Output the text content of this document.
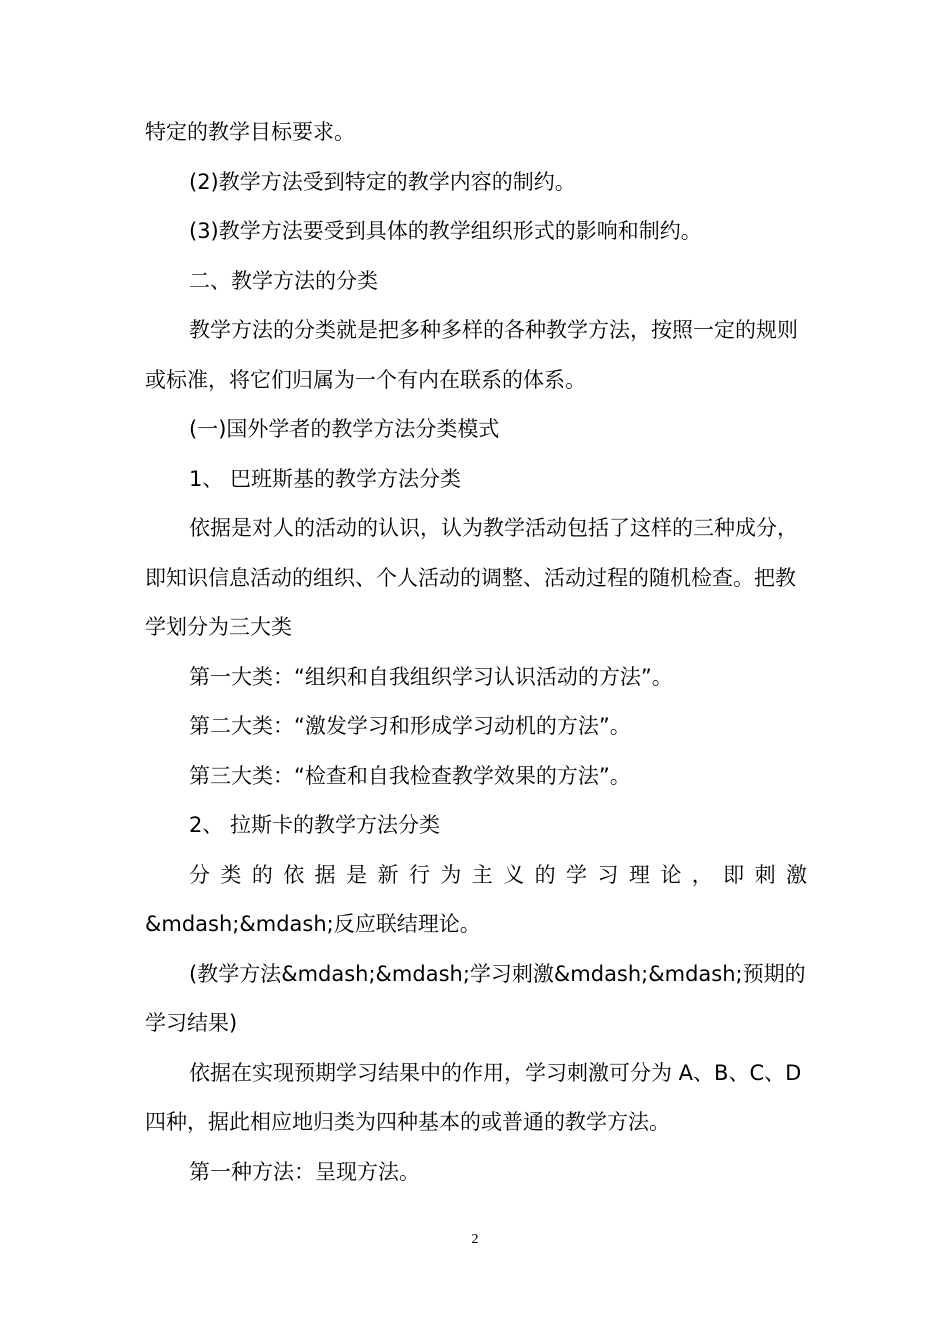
特定的教学目标要求。

(2)教学方法受到特定的教学内容的制约。

(3)教学方法要受到具体的教学组织形式的影响和制约。

二、教学方法的分类

教学方法的分类就是把多种多样的各种教学方法，按照一定的规则或标准，将它们归属为一个有内在联系的体系。

(一)国外学者的教学方法分类模式

1、 巴班斯基的教学方法分类

依据是对人的活动的认识，认为教学活动包括了这样的三种成分，即知识信息活动的组织、个人活动的调整、活动过程的随机检查。把教学划分为三大类

第一大类：“组织和自我组织学习认识活动的方法”。

第二大类：“激发学习和形成学习动机的方法”。

第三大类：“检查和自我检查教学效果的方法”。

2、 拉斯卡的教学方法分类

分类的依据是新行为主义的学习理论，即刺激

&mdash;&mdash;反应联结理论。

(教学方法&mdash;&mdash;学习刺激&mdash;&mdash;预期的学习结果)

依据在实现预期学习结果中的作用，学习刺激可分为 A、B、C、D 四种，据此相应地归类为四种基本的或普通的教学方法。

第一种方法：呈现方法。

2
